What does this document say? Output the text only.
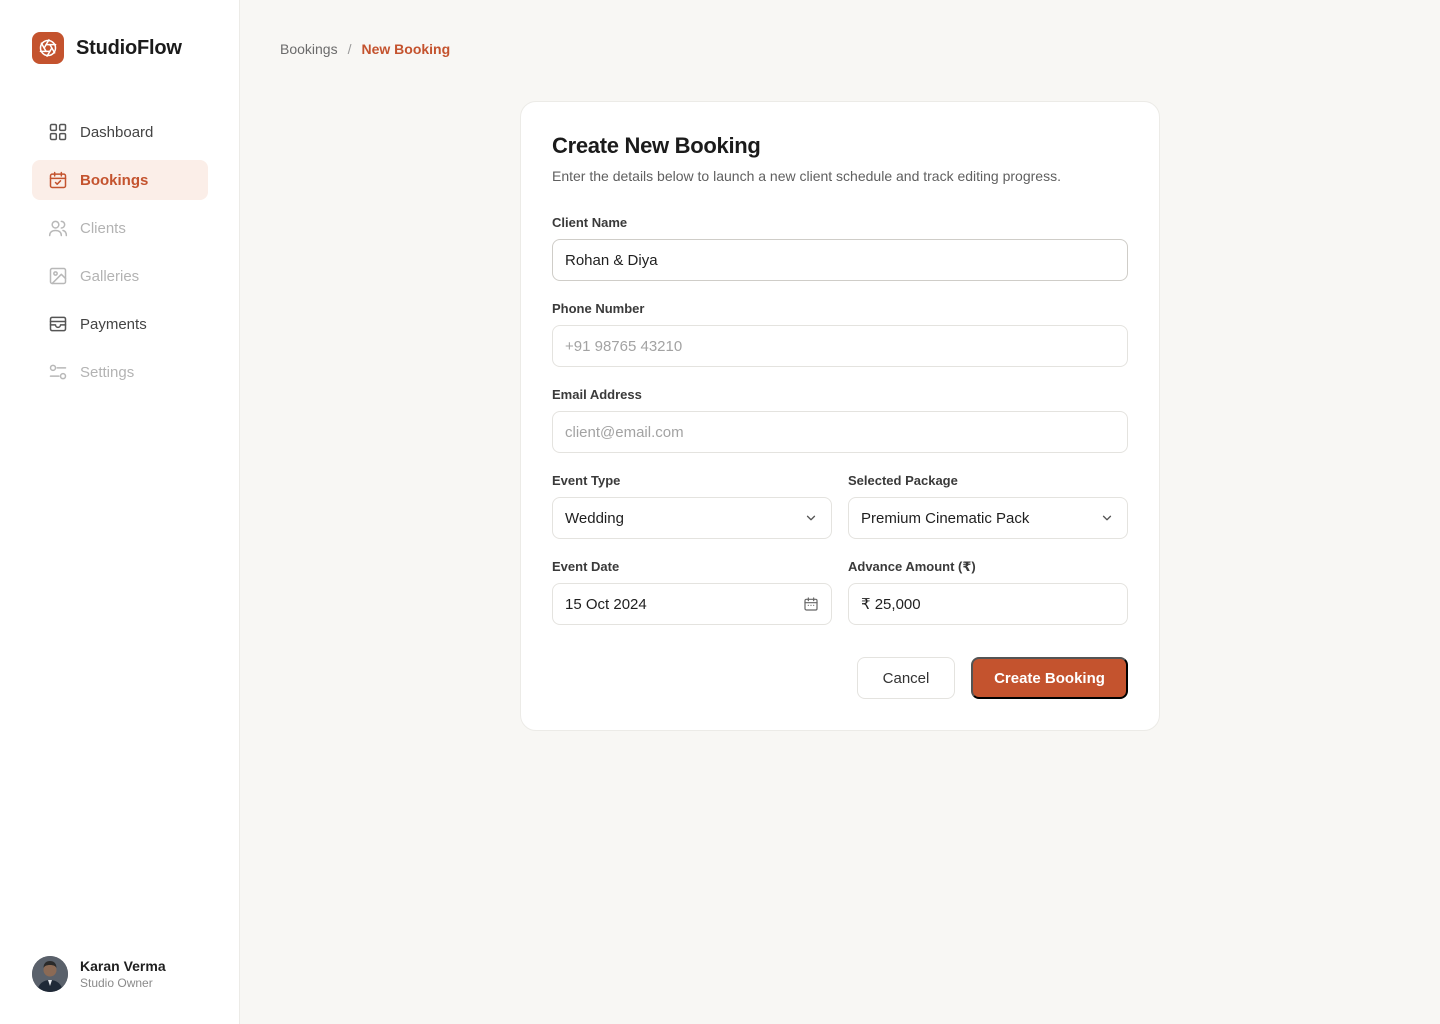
StudioFlow
Dashboard
Bookings
Clients
Galleries
Payments
Settings
Karan Verma
Studio Owner
Bookings / New Booking
Create New Booking

Enter the details below to launch a new client schedule and track editing progress.

Client Name
Rohan & Diya
Phone Number
+91 98765 43210
Email Address
client@email.com
Event Type
Wedding
Selected Package
Premium Cinematic Pack
Event Date
15 Oct 2024
Advance Amount (₹)
₹ 25,000
Cancel	Create Booking
